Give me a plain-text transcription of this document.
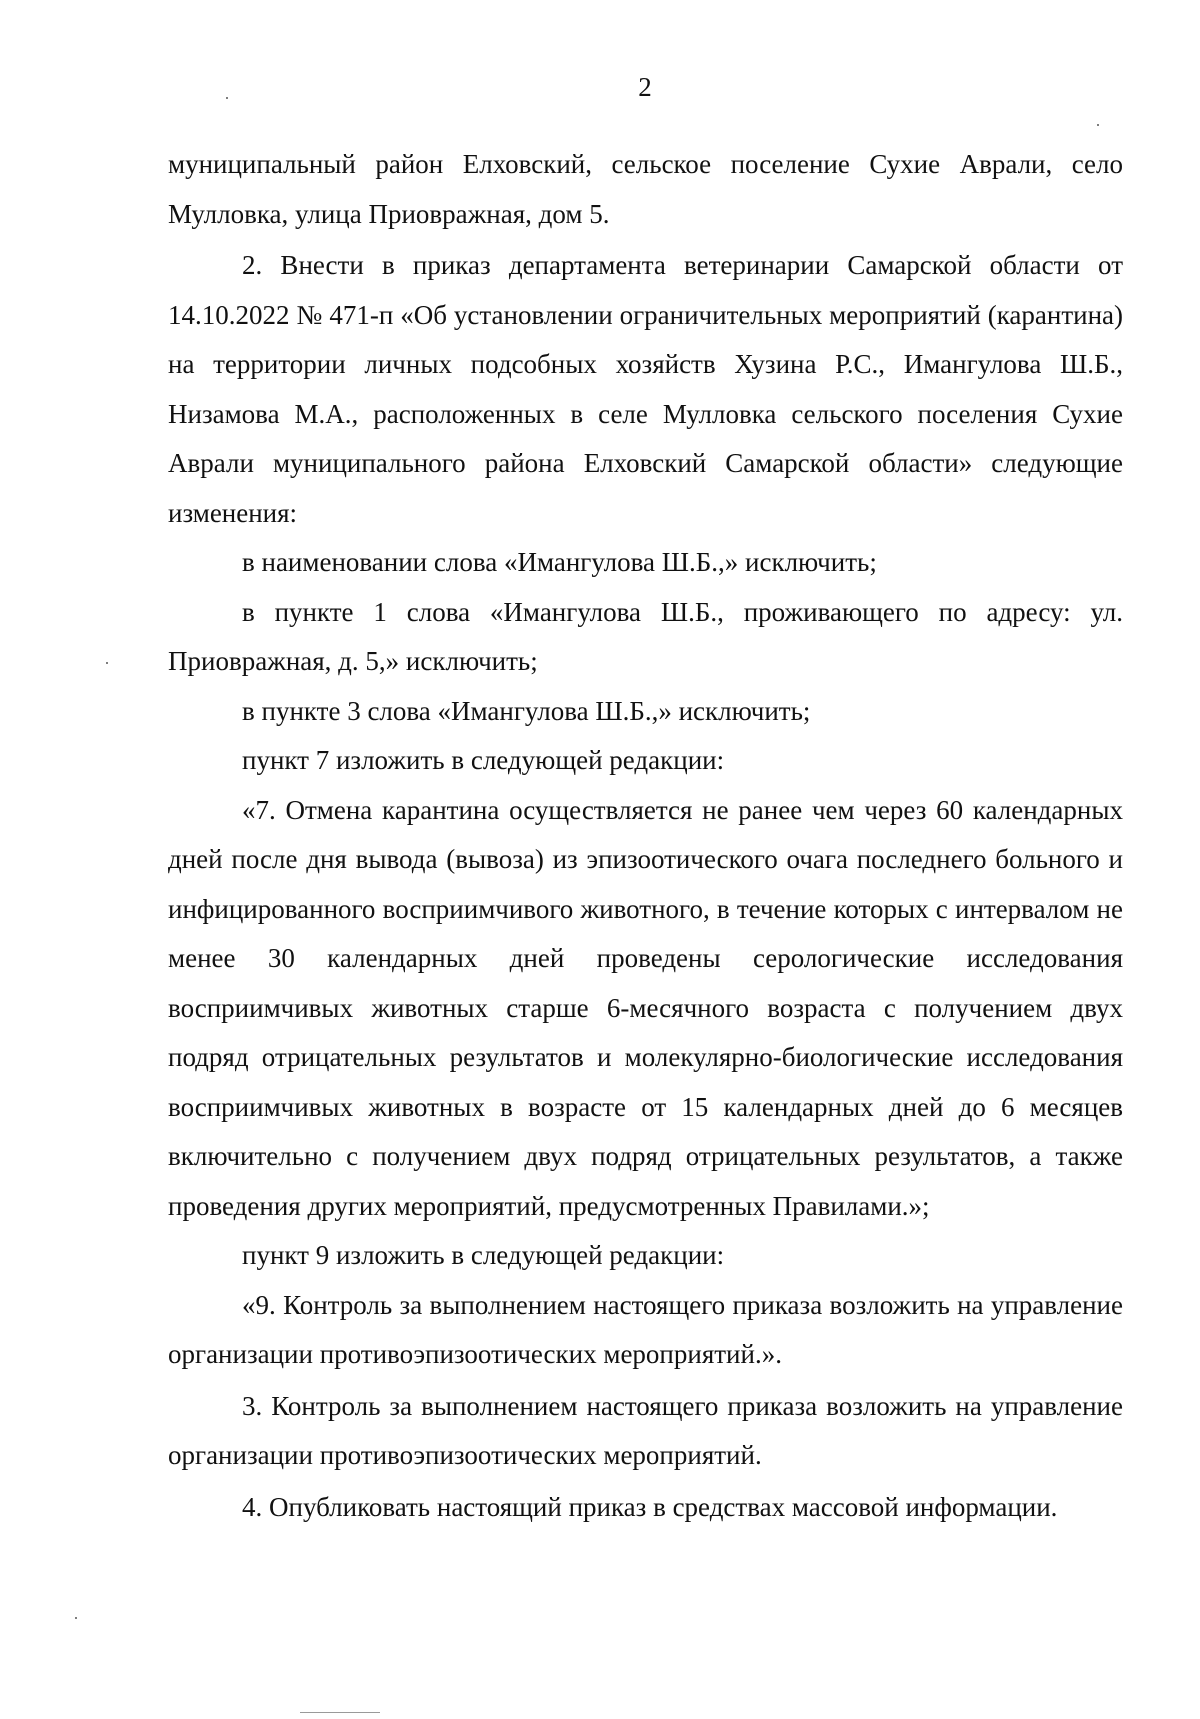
2

муниципальный район Елховский, сельское поселение Сухие Аврали, село Мулловка, улица Приовражная, дом 5.

2. Внести в приказ департамента ветеринарии Самарской области от 14.10.2022 № 471-п «Об установлении ограничительных мероприятий (карантина) на территории личных подсобных хозяйств Хузина Р.С., Имангулова Ш.Б., Низамова М.А., расположенных в селе Мулловка сельского поселения Сухие Аврали муниципального района Елховский Самарской области» следующие изменения:

в наименовании слова «Имангулова Ш.Б.,» исключить;

в пункте 1 слова «Имангулова Ш.Б., проживающего по адресу: ул. Приовражная, д. 5,» исключить;

в пункте 3 слова «Имангулова Ш.Б.,» исключить;

пункт 7 изложить в следующей редакции:

«7. Отмена карантина осуществляется не ранее чем через 60 календарных дней после дня вывода (вывоза) из эпизоотического очага последнего больного и инфицированного восприимчивого животного, в течение которых с интервалом не менее 30 календарных дней проведены серологические исследования восприимчивых животных старше 6-месячного возраста с получением двух подряд отрицательных результатов и молекулярно-биологические исследования восприимчивых животных в возрасте от 15 календарных дней до 6 месяцев включительно с получением двух подряд отрицательных результатов, а также проведения других мероприятий, предусмотренных Правилами.»;

пункт 9 изложить в следующей редакции:

«9. Контроль за выполнением настоящего приказа возложить на управление организации противоэпизоотических мероприятий.».

3. Контроль за выполнением настоящего приказа возложить на управление организации противоэпизоотических мероприятий.

4. Опубликовать настоящий приказ в средствах массовой информации.
